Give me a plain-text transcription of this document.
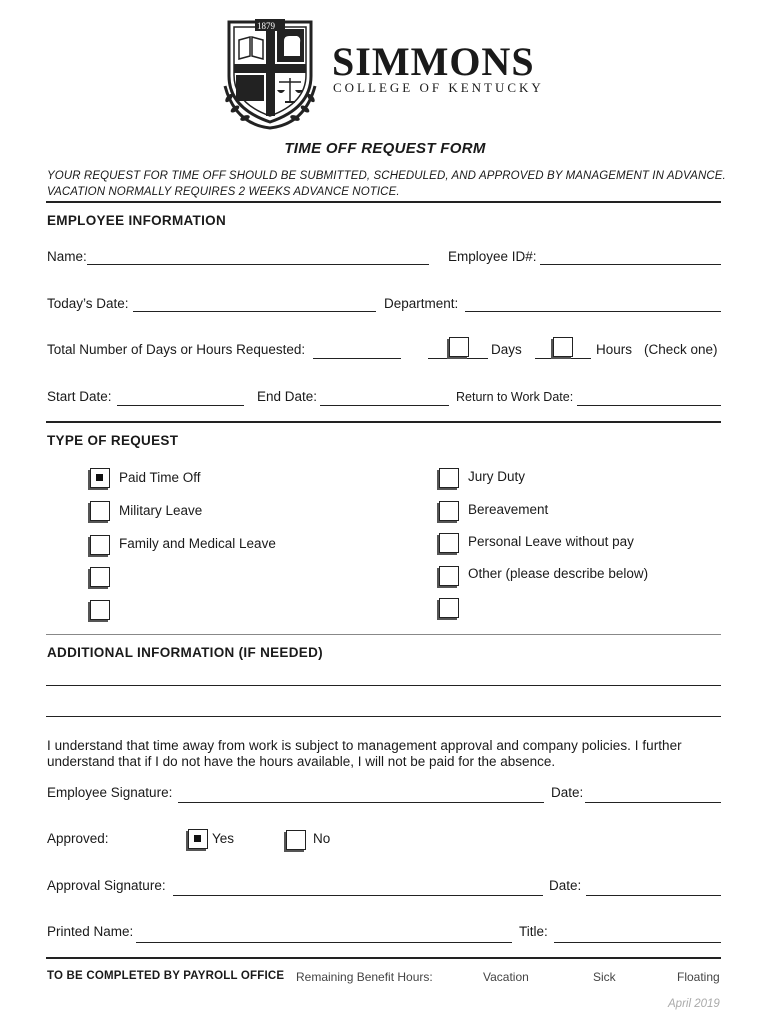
1879
SIMMONS
COLLEGE OF KENTUCKY
TIME OFF REQUEST FORM
YOUR REQUEST FOR TIME OFF SHOULD BE SUBMITTED, SCHEDULED, AND APPROVED BY MANAGEMENT IN ADVANCE.
VACATION NORMALLY REQUIRES 2 WEEKS ADVANCE NOTICE.
EMPLOYEE INFORMATION
Name:	Employee ID#:
Today’s Date:	Department:
Total Number of Days or Hours Requested:	Days	Hours (Check one)
Start Date:	End Date:	Return to Work Date:
TYPE OF REQUEST
Paid Time Off
Military Leave
Family and Medical Leave
Jury Duty
Bereavement
Personal Leave without pay
Other (please describe below)
ADDITIONAL INFORMATION (IF NEEDED)
I understand that time away from work is subject to management approval and company policies. I further
understand that if I do not have the hours available, I will not be paid for the absence.
Employee Signature:	Date:
Approved:	Yes	No
Approval Signature:	Date:
Printed Name:	Title:
TO BE COMPLETED BY PAYROLL OFFICE Remaining Benefit Hours:	Vacation	Sick	Floating
April 2019
